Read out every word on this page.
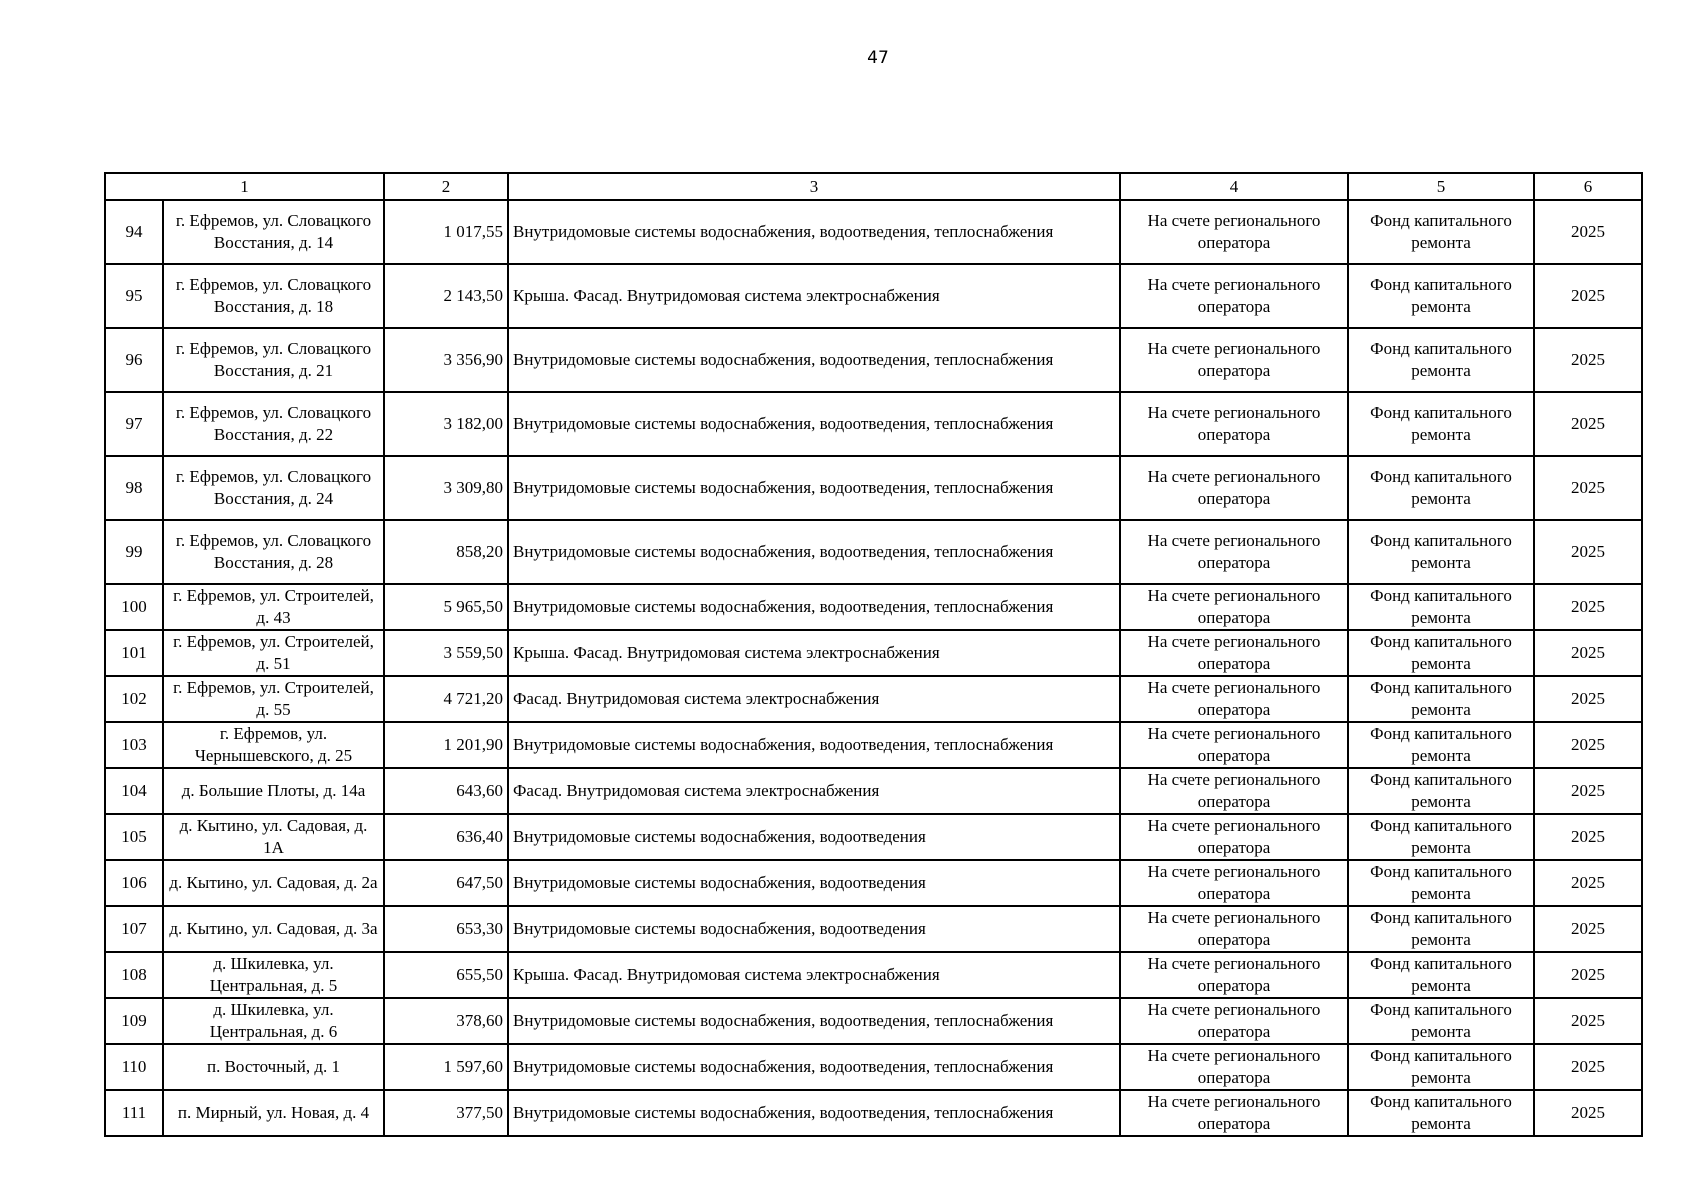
47
1		2	3	4	5	6
94	г. Ефремов, ул. Словацкого Восстания, д. 14	1 017,55	Внутридомовые системы водоснабжения, водоотведения, теплоснабжения	На счете регионального оператора	Фонд капитального ремонта	2025
95	г. Ефремов, ул. Словацкого Восстания, д. 18	2 143,50	Крыша. Фасад. Внутридомовая система электроснабжения	На счете регионального оператора	Фонд капитального ремонта	2025
96	г. Ефремов, ул. Словацкого Восстания, д. 21	3 356,90	Внутридомовые системы водоснабжения, водоотведения, теплоснабжения	На счете регионального оператора	Фонд капитального ремонта	2025
97	г. Ефремов, ул. Словацкого Восстания, д. 22	3 182,00	Внутридомовые системы водоснабжения, водоотведения, теплоснабжения	На счете регионального оператора	Фонд капитального ремонта	2025
98	г. Ефремов, ул. Словацкого Восстания, д. 24	3 309,80	Внутридомовые системы водоснабжения, водоотведения, теплоснабжения	На счете регионального оператора	Фонд капитального ремонта	2025
99	г. Ефремов, ул. Словацкого Восстания, д. 28	858,20	Внутридомовые системы водоснабжения, водоотведения, теплоснабжения	На счете регионального оператора	Фонд капитального ремонта	2025
100	г. Ефремов, ул. Строителей, д. 43	5 965,50	Внутридомовые системы водоснабжения, водоотведения, теплоснабжения	На счете регионального оператора	Фонд капитального ремонта	2025
101	г. Ефремов, ул. Строителей, д. 51	3 559,50	Крыша. Фасад. Внутридомовая система электроснабжения	На счете регионального оператора	Фонд капитального ремонта	2025
102	г. Ефремов, ул. Строителей, д. 55	4 721,20	Фасад. Внутридомовая система электроснабжения	На счете регионального оператора	Фонд капитального ремонта	2025
103	г. Ефремов, ул. Чернышевского, д. 25	1 201,90	Внутридомовые системы водоснабжения, водоотведения, теплоснабжения	На счете регионального оператора	Фонд капитального ремонта	2025
104	д. Большие Плоты, д. 14а	643,60	Фасад. Внутридомовая система электроснабжения	На счете регионального оператора	Фонд капитального ремонта	2025
105	д. Кытино, ул. Садовая, д. 1А	636,40	Внутридомовые системы водоснабжения, водоотведения	На счете регионального оператора	Фонд капитального ремонта	2025
106	д. Кытино, ул. Садовая, д. 2а	647,50	Внутридомовые системы водоснабжения, водоотведения	На счете регионального оператора	Фонд капитального ремонта	2025
107	д. Кытино, ул. Садовая, д. 3а	653,30	Внутридомовые системы водоснабжения, водоотведения	На счете регионального оператора	Фонд капитального ремонта	2025
108	д. Шкилевка, ул. Центральная, д. 5	655,50	Крыша. Фасад. Внутридомовая система электроснабжения	На счете регионального оператора	Фонд капитального ремонта	2025
109	д. Шкилевка, ул. Центральная, д. 6	378,60	Внутридомовые системы водоснабжения, водоотведения, теплоснабжения	На счете регионального оператора	Фонд капитального ремонта	2025
110	п. Восточный, д. 1	1 597,60	Внутридомовые системы водоснабжения, водоотведения, теплоснабжения	На счете регионального оператора	Фонд капитального ремонта	2025
111	п. Мирный, ул. Новая, д. 4	377,50	Внутридомовые системы водоснабжения, водоотведения, теплоснабжения	На счете регионального оператора	Фонд капитального ремонта	2025
